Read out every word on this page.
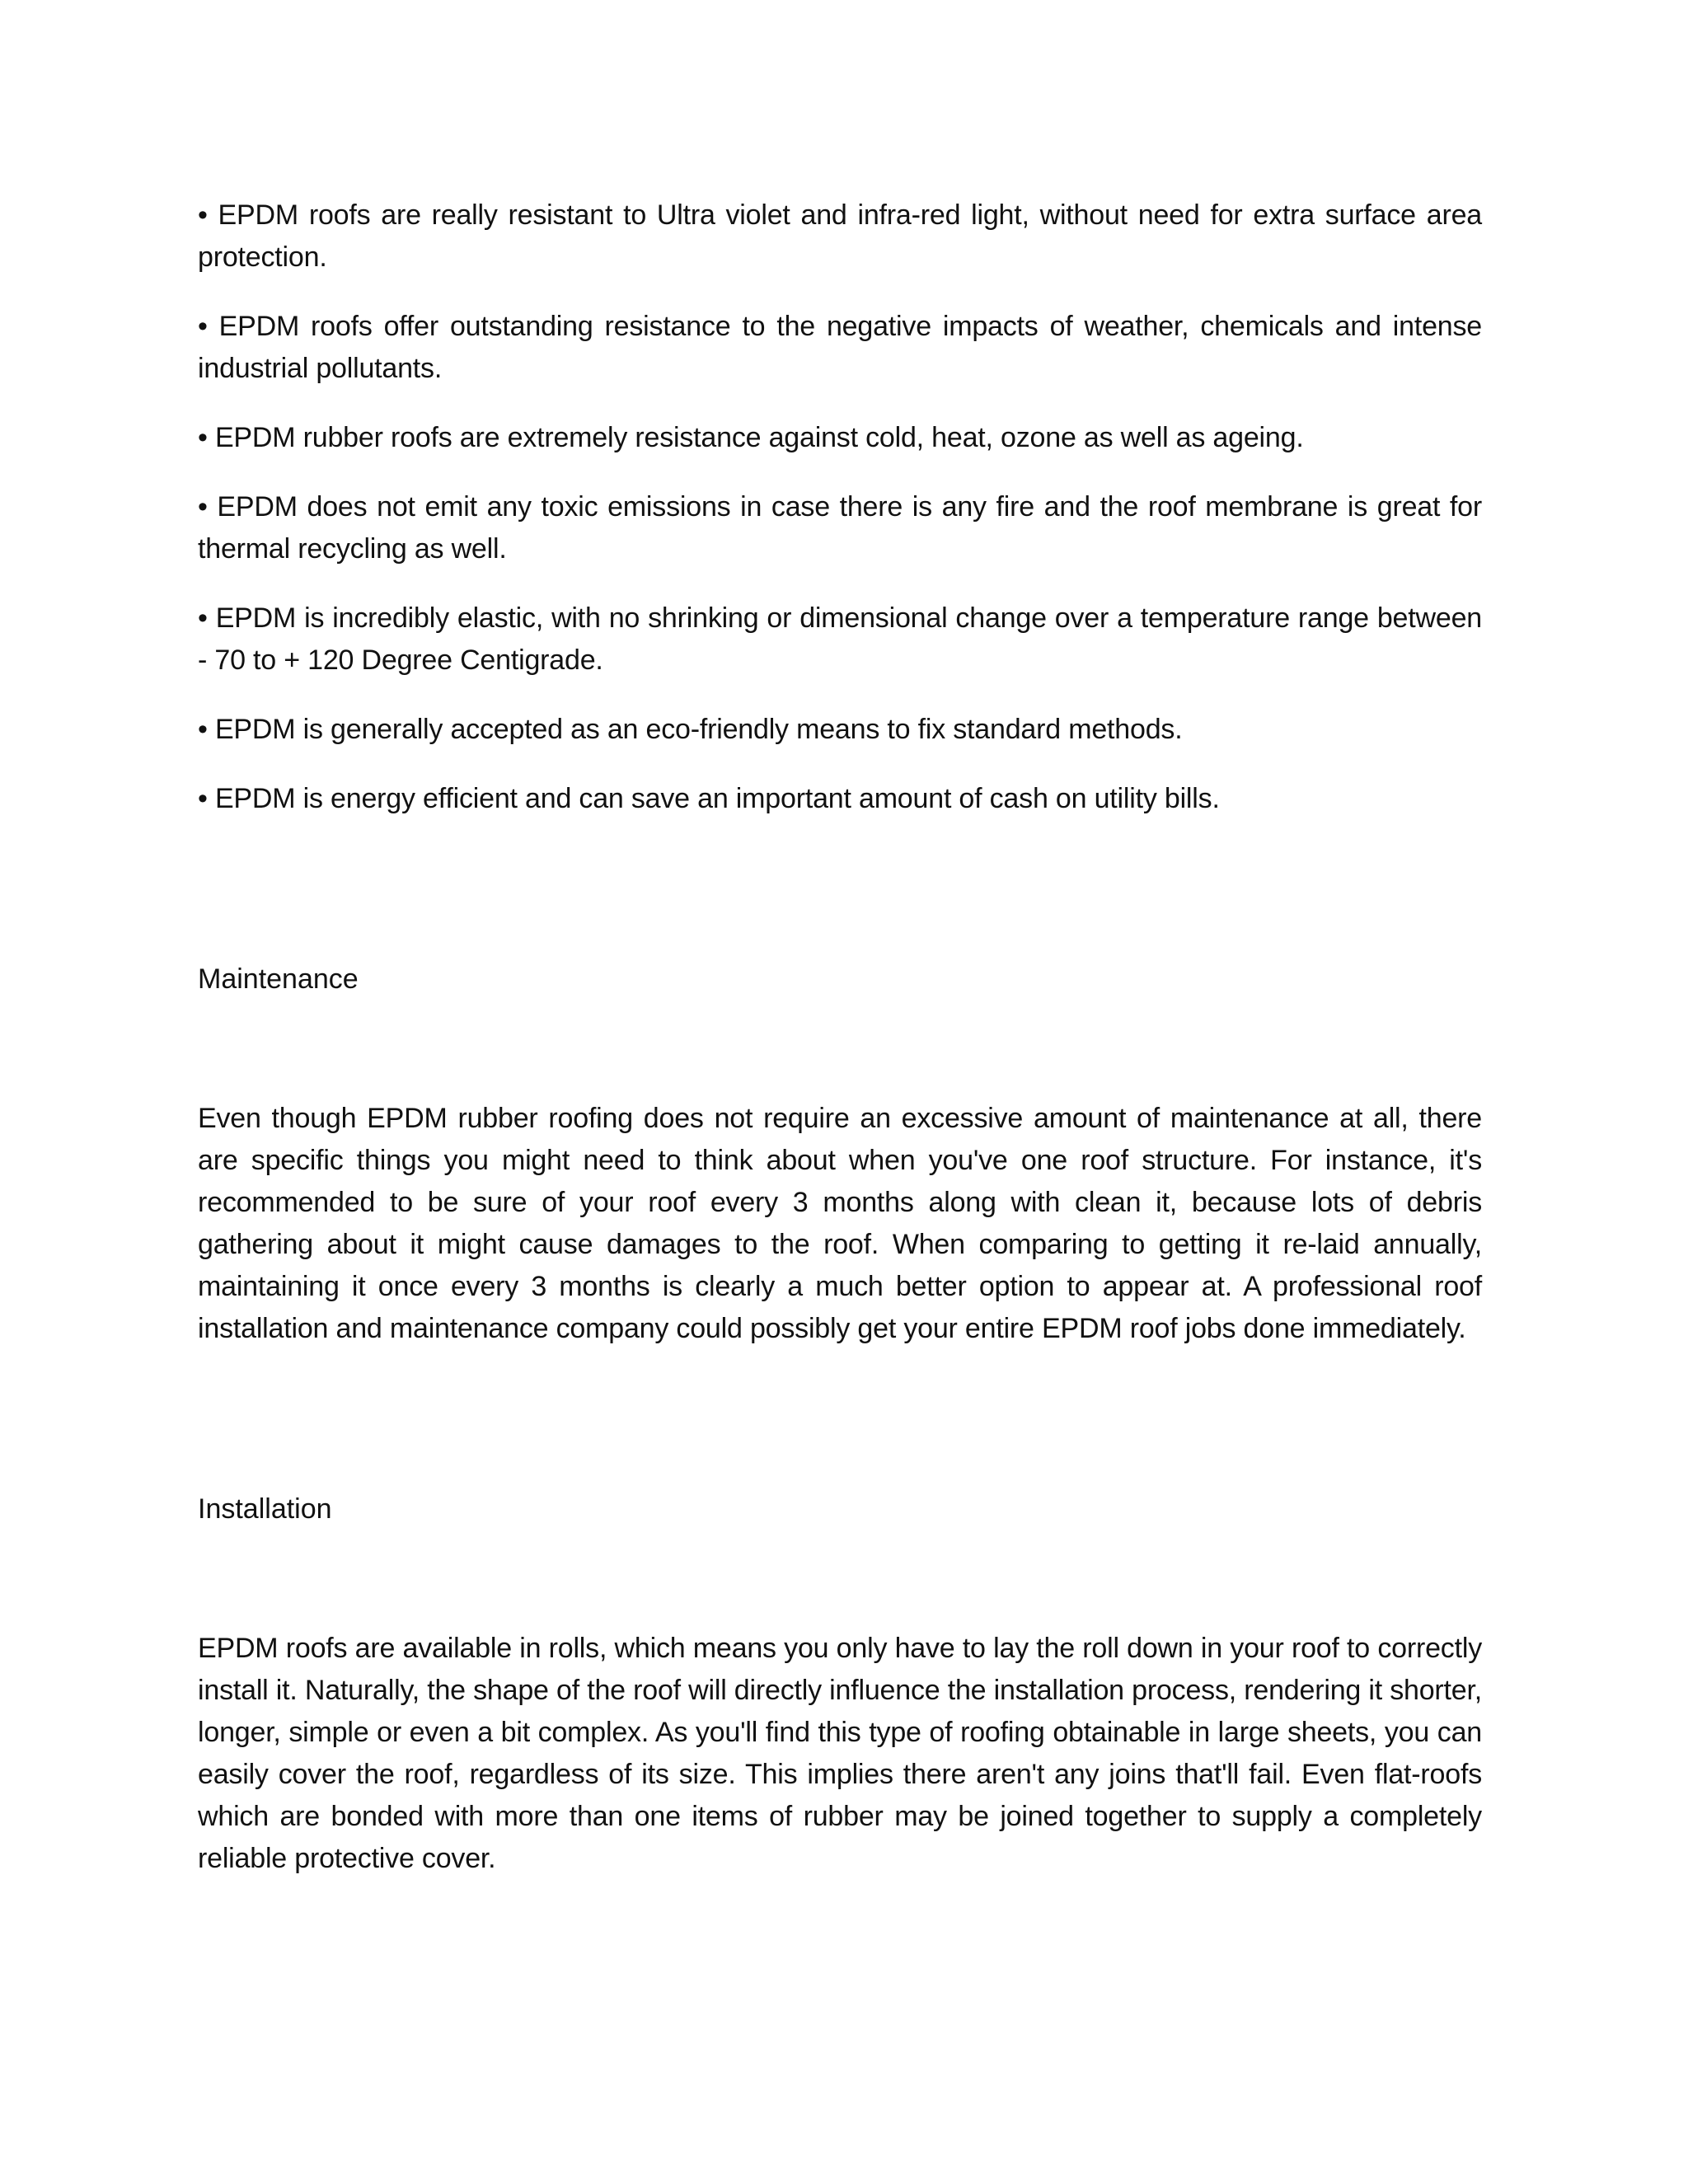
• EPDM roofs are really resistant to Ultra violet and infra-red light, without need for extra surface area protection.

• EPDM roofs offer outstanding resistance to the negative impacts of weather, chemicals and intense industrial pollutants.

• EPDM rubber roofs are extremely resistance against cold, heat, ozone as well as ageing.

• EPDM does not emit any toxic emissions in case there is any fire and the roof membrane is great for thermal recycling as well.

• EPDM is incredibly elastic, with no shrinking or dimensional change over a temperature range between - 70 to + 120 Degree Centigrade.

• EPDM is generally accepted as an eco-friendly means to fix standard methods.

• EPDM is energy efficient and can save an important amount of cash on utility bills.

Maintenance

Even though EPDM rubber roofing does not require an excessive amount of maintenance at all, there are specific things you might need to think about when you've one roof structure. For instance, it's recommended to be sure of your roof every 3 months along with clean it, because lots of debris gathering about it might cause damages to the roof. When comparing to getting it re-laid annually, maintaining it once every 3 months is clearly a much better option to appear at. A professional roof installation and maintenance company could possibly get your entire EPDM roof jobs done immediately.

Installation

EPDM roofs are available in rolls, which means you only have to lay the roll down in your roof to correctly install it. Naturally, the shape of the roof will directly influence the installation process, rendering it shorter, longer, simple or even a bit complex. As you'll find this type of roofing obtainable in large sheets, you can easily cover the roof, regardless of its size. This implies there aren't any joins that'll fail. Even flat-roofs which are bonded with more than one items of rubber may be joined together to supply a completely reliable protective cover.
